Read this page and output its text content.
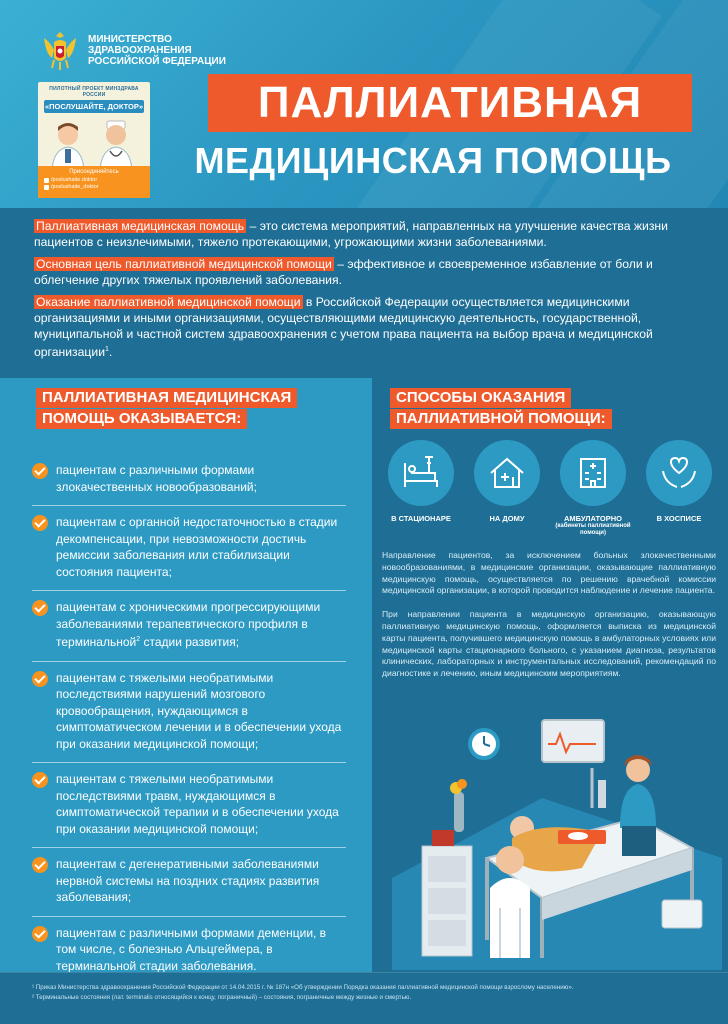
МИНИСТЕРСТВО
ЗДРАВООХРАНЕНИЯ
РОССИЙСКОЙ ФЕДЕРАЦИИ
ПИЛОТНЫЙ ПРОЕКТ МИНЗДРАВА РОССИИ
«ПОСЛУШАЙТЕ, ДОКТОР»
Присоединяйтесь
/poslushaite.doktor
/poslushaite_doktor
ПАЛЛИАТИВНАЯ
МЕДИЦИНСКАЯ ПОМОЩЬ

Паллиативная медицинская помощь – это система мероприятий, направленных на улучшение качества жизни пациентов с неизлечимыми, тяжело протекающими, угрожающими жизни заболеваниями.

Основная цель паллиативной медицинской помощи – эффективное и своевременное избавление от боли и облегчение других тяжелых проявлений заболевания.

Оказание паллиативной медицинской помощи в Российской Федерации осуществляется медицинскими организациями и иными организациями, осуществляющими медицинскую деятельность, государственной, муниципальной и частной систем здравоохранения с учетом права пациента на выбор врача и медицинской организации$^1$.

ПАЛЛИАТИВНАЯ МЕДИЦИНСКАЯ
ПОМОЩЬ ОКАЗЫВАЕТСЯ:
пациентам с различными формами злокачественных новообразований;
пациентам с органной недостаточностью в стадии декомпенсации, при невозможности достичь ремиссии заболевания или стабилизации состояния пациента;
пациентам с хроническими прогрессирующими заболеваниями терапевтического профиля в терминальной$^2$ стадии развития;
пациентам с тяжелыми необратимыми последствиями нарушений мозгового кровообращения, нуждающимся в симптоматическом лечении и в обеспечении ухода при оказании медицинской помощи;
пациентам с тяжелыми необратимыми последствиями травм, нуждающимся в симптоматической терапии и в обеспечении ухода при оказании медицинской помощи;
пациентам с дегенеративными заболеваниями нервной системы на поздних стадиях развития заболевания;
пациентам с различными формами деменции, в том числе, с болезнью Альцгеймера, в терминальной стадии заболевания.
СПОСОБЫ ОКАЗАНИЯ
ПАЛЛИАТИВНОЙ ПОМОЩИ:
В СТАЦИОНАРЕ	НА ДОМУ	АМБУЛАТОРНО
(кабинеты паллиативной помощи)
В ХОСПИСЕ

Направление пациентов, за исключением больных злокачественными новообразованиями, в медицинские организации, оказывающие паллиативную медицинскую помощь, осуществляется по решению врачебной комиссии медицинской организации, в которой проводится наблюдение и лечение пациента.

При направлении пациента в медицинскую организацию, оказывающую паллиативную медицинскую помощь, оформляется выписка из медицинской карты пациента, получившего медицинскую помощь в амбулаторных условиях или медицинской карты стационарного больного, с указанием диагноза, результатов клинических, лабораторных и инструментальных исследований, рекомендаций по диагностике и лечению, иным медицинским мероприятиям.

¹ Приказ Министерства здравоохранения Российской Федерации от 14.04.2015 г. № 187н «Об утверждении Порядка оказания паллиативной медицинской помощи взрослому населению».

² Терминальные состояния (лат. terminalis относящийся к концу, пограничный) – состояния, пограничные между жизнью и смертью.
